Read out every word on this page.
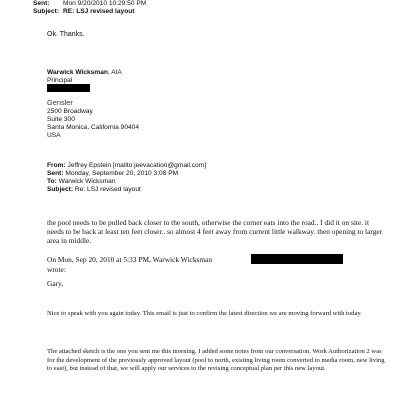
Sent: Mon 9/20/2010 10:29:50 PM
Subject: RE: LSJ revised layout
Ok. Thanks.
Warwick Wicksman, AIA
Principal
Gensler
2500 Broadway
Suite 300
Santa Monica, California 90404
USA
From: Jeffrey Epstein [mailto:jeevacation@gmail.com]
Sent: Monday, September 20, 2010 3:08 PM
To: Warwick Wicksman
Subject: Re: LSJ revised layout
the pool needs to be pulled back closer to the south, otherwise the corner eats into the road.. I did it on site. it needs to be back at least ten feet closer.. so almost 4 feet away from current little walkway. then opening to larger area in middle.
On Mon, Sep 20, 2010 at 5:33 PM, Warwick Wicksman
wrote:
Gary,
Nice to speak with you again today. This email is just to confirm the latest direction we are moving forward with today.
The attached sketch is the one you sent me this morning. I added some notes from our conversation. Work Authorization 2 was for the development of the previously approved layout (pool to north, existing living room converted to media room, new living to east), but instead of that, we will apply our services to the revising conceptual plan per this new layout.
